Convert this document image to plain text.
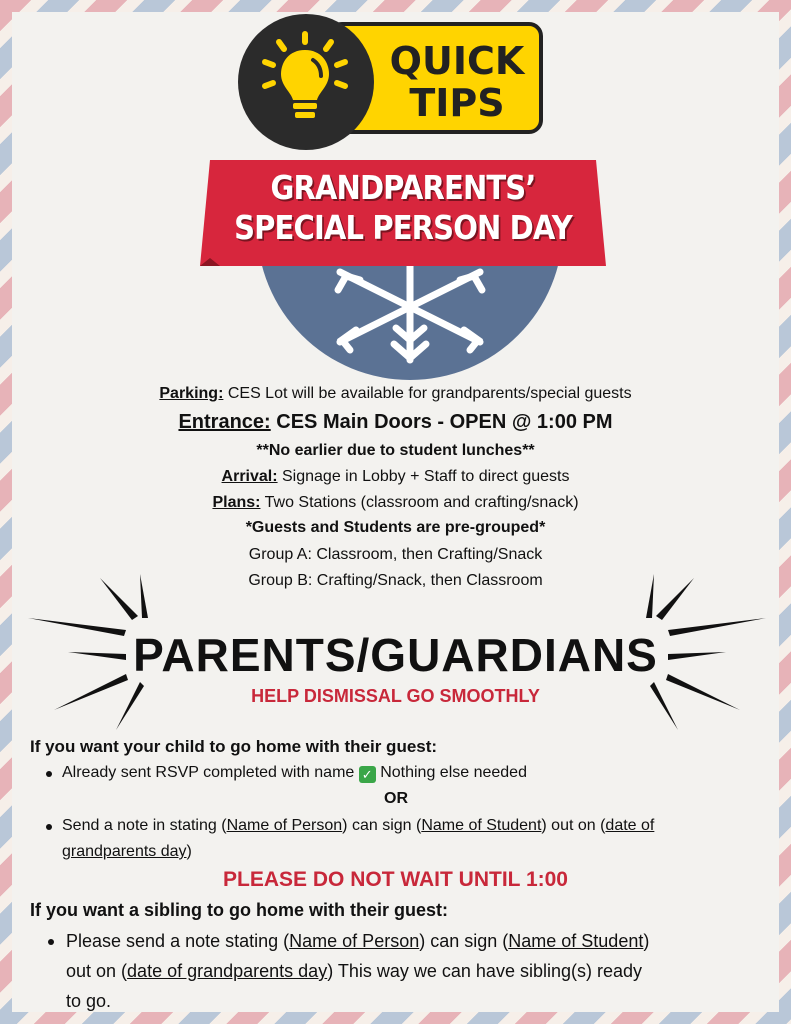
QUICK
TIPS
GRANDPARENTS’
SPECIAL PERSON DAY
Parking: CES Lot will be available for grandparents/special guests
Entrance: CES Main Doors - OPEN @ 1:00 PM
**No earlier due to student lunches**
Arrival: Signage in Lobby + Staff to direct guests
Plans: Two Stations (classroom and crafting/snack)
*Guests and Students are pre-grouped*
Group A: Classroom, then Crafting/Snack
Group B: Crafting/Snack, then Classroom
PARENTS/GUARDIANS
HELP DISMISSAL GO SMOOTHLY
If you want your child to go home with their guest:
Already sent RSVP completed with name ✓ Nothing else needed
OR
Send a note in stating (Name of Person) can sign (Name of Student) out on (date of
grandparents day)
PLEASE DO NOT WAIT UNTIL 1:00
If you want a sibling to go home with their guest:
Please send a note stating (Name of Person) can sign (Name of Student)
out on (date of grandparents day) This way we can have sibling(s) ready
to go.
